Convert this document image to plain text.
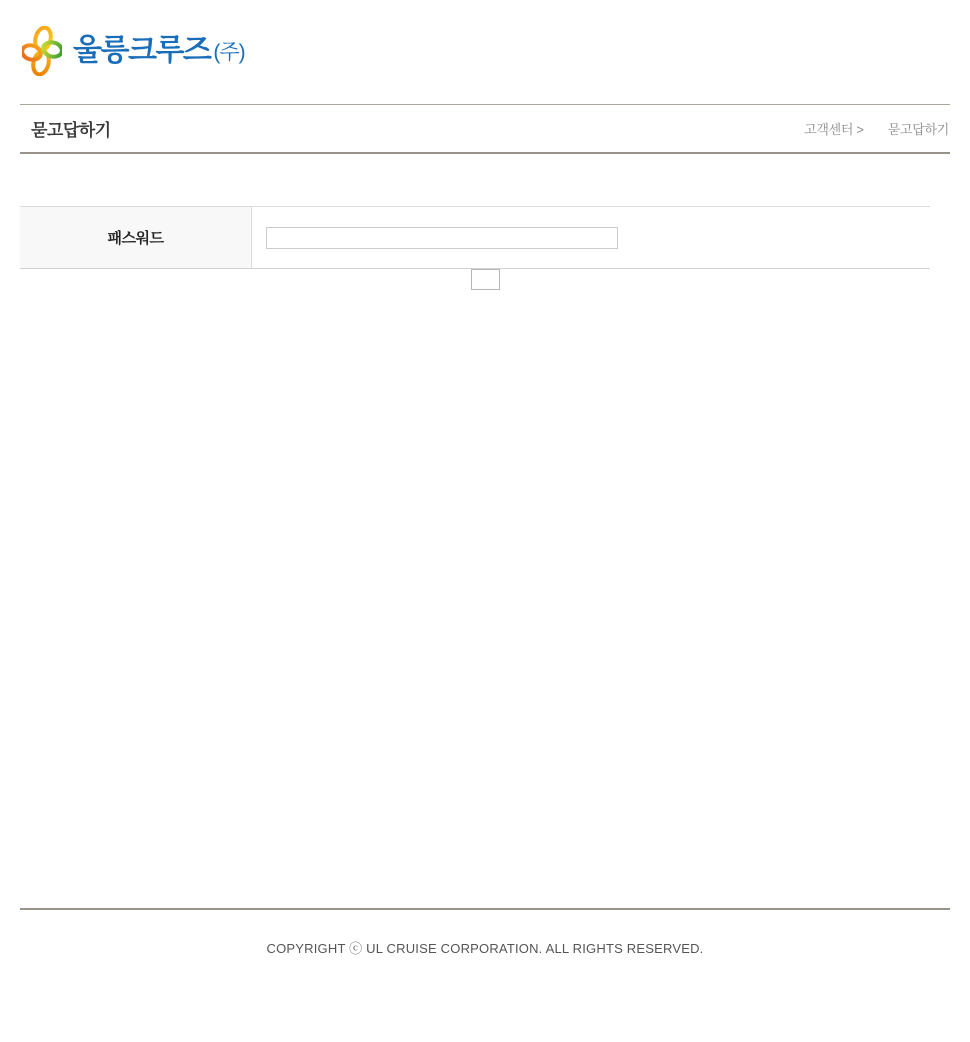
울릉크루즈 (주)
묻고답하기	고객센터 > 묻고답하기
패스워드

COPYRIGHT ⓒ UL CRUISE CORPORATION. ALL RIGHTS RESERVED.
